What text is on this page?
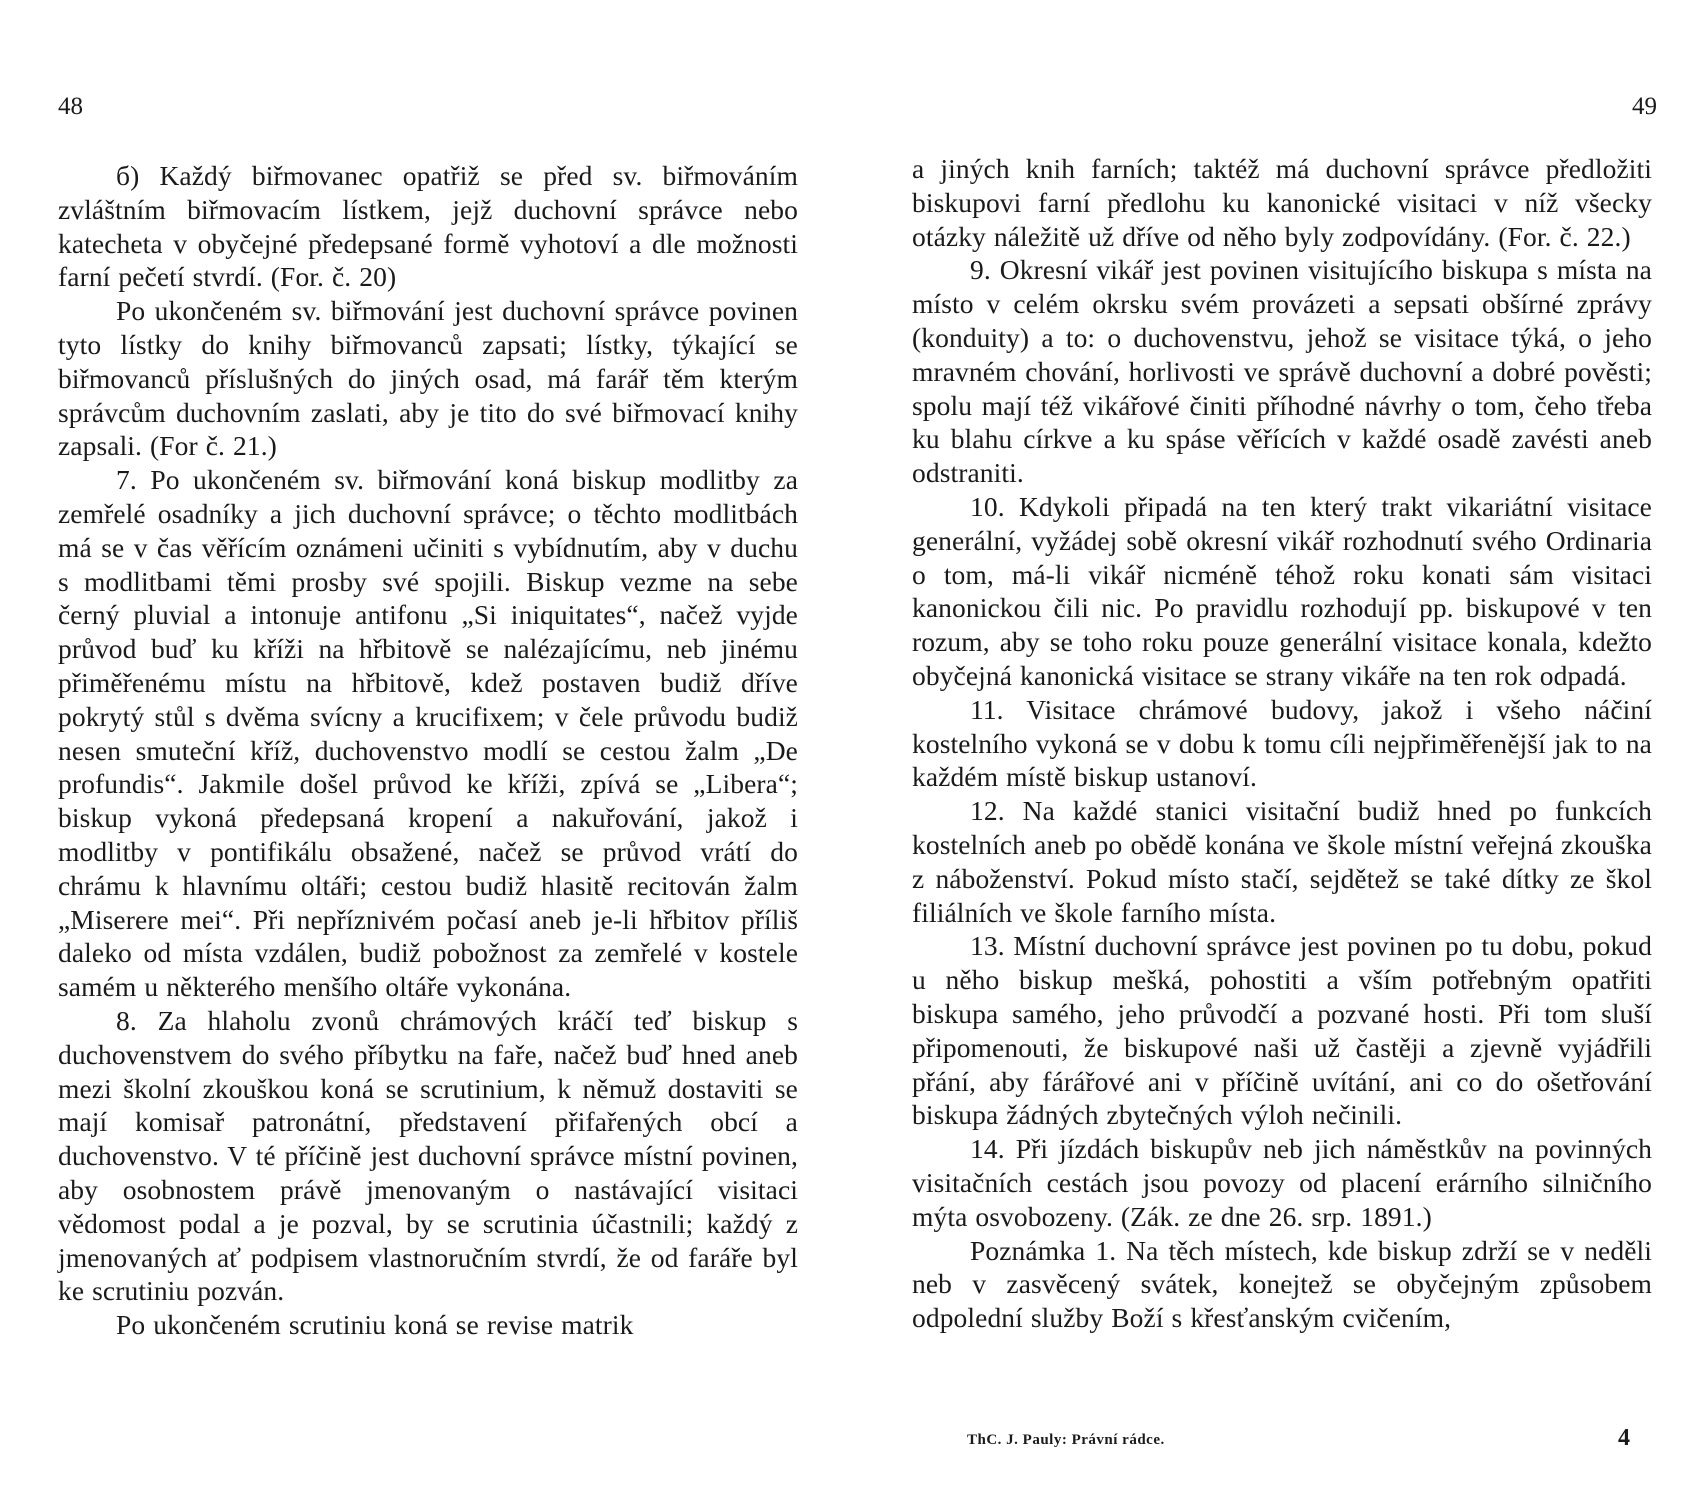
48

б) Každý biřmovanec opatřiž se před sv. biřmováním zvláštním biřmovacím lístkem, jejž duchovní správce nebo katecheta v obyčejné předepsané formě vyhotoví a dle možnosti farní pečetí stvrdí. (For. č. 20)

Po ukončeném sv. biřmování jest duchovní správce povinen tyto lístky do knihy biřmovanců zapsati; lístky, týkající se biřmovanců příslušných do jiných osad, má farář těm kterým správcům duchovním zaslati, aby je tito do své biřmovací knihy zapsali. (For č. 21.)

7. Po ukončeném sv. biřmování koná biskup modlitby za zemřelé osadníky a jich duchovní správce; o těchto modlitbách má se v čas věřícím oznámeni učiniti s vybídnutím, aby v duchu s modlitbami těmi prosby své spojili. Biskup vezme na sebe černý pluvial a intonuje antifonu „Si iniquitates“, načež vyjde průvod buď ku kříži na hřbitově se nalézajícímu, neb jinému přiměřenému místu na hřbitově, kdež postaven budiž dříve pokrytý stůl s dvěma svícny a krucifixem; v čele průvodu budiž nesen smuteční kříž, duchovenstvo modlí se cestou žalm „De profundis“. Jakmile došel průvod ke kříži, zpívá se „Libera“; biskup vykoná předepsaná kropení a nakuřování, jakož i modlitby v pontifikálu obsažené, načež se průvod vrátí do chrámu k hlavnímu oltáři; cestou budiž hlasitě recitován žalm „Miserere mei“. Při nepříznivém počasí aneb je-li hřbitov příliš daleko od místa vzdálen, budiž pobožnost za zemřelé v kostele samém u některého menšího oltáře vykonána.

8. Za hlaholu zvonů chrámových kráčí teď biskup s duchovenstvem do svého příbytku na faře, načež buď hned aneb mezi školní zkouškou koná se scrutinium, k němuž dostaviti se mají komisař patronátní, představení přifařených obcí a duchovenstvo. V té příčině jest duchovní správce místní povinen, aby osobnostem právě jmenovaným o nastávající visitaci vědomost podal a je pozval, by se scrutinia účastnili; každý z jmenovaných ať podpisem vlastnoručním stvrdí, že od faráře byl ke scrutiniu pozván.

Po ukončeném scrutiniu koná se revise matrik

49

a jiných knih farních; taktéž má duchovní správce předložiti biskupovi farní předlohu ku kanonické visitaci v níž všecky otázky náležitě už dříve od něho byly zodpovídány. (For. č. 22.)

9. Okresní vikář jest povinen visitujícího biskupa s místa na místo v celém okrsku svém provázeti a sepsati obšírné zprávy (konduity) a to: o duchovenstvu, jehož se visitace týká, o jeho mravném chování, horlivosti ve správě duchovní a dobré pověsti; spolu mají též vikářové činiti příhodné návrhy o tom, čeho třeba ku blahu církve a ku spáse věřících v každé osadě zavésti aneb odstraniti.

10. Kdykoli připadá na ten který trakt vikariátní visitace generální, vyžádej sobě okresní vikář rozhodnutí svého Ordinaria o tom, má-li vikář nicméně téhož roku konati sám visitaci kanonickou čili nic. Po pravidlu rozhodují pp. biskupové v ten rozum, aby se toho roku pouze generální visitace konala, kdežto obyčejná kanonická visitace se strany vikáře na ten rok odpadá.

11. Visitace chrámové budovy, jakož i všeho náčiní kostelního vykoná se v dobu k tomu cíli nejpřiměřenější jak to na každém místě biskup ustanoví.

12. Na každé stanici visitační budiž hned po funkcích kostelních aneb po obědě konána ve škole místní veřejná zkouška z náboženství. Pokud místo stačí, sejdětež se také dítky ze škol filiálních ve škole farního místa.

13. Místní duchovní správce jest povinen po tu dobu, pokud u něho biskup mešká, pohostiti a vším potřebným opatřiti biskupa samého, jeho průvodčí a pozvané hosti. Při tom sluší připomenouti, že biskupové naši už častěji a zjevně vyjádřili přání, aby fárářové ani v příčině uvítání, ani co do ošetřování biskupa žádných zbytečných výloh nečinili.

14. Při jízdách biskupův neb jich náměstkův na povinných visitačních cestách jsou povozy od placení erárního silničního mýta osvobozeny. (Zák. ze dne 26. srp. 1891.)

Poznámka 1. Na těch místech, kde biskup zdrží se v neděli neb v zasvěcený svátek, konejtež se obyčejným způsobem odpolední služby Boží s křesťanským cvičením,

ThC. J. Pauly: Právní rádce.	4
